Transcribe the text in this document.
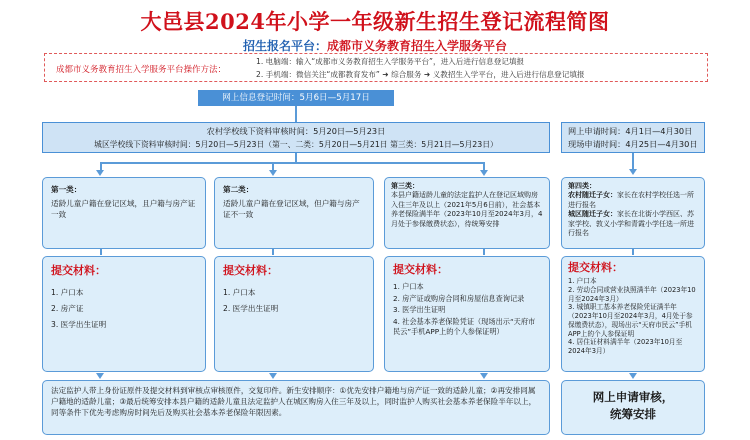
大邑县2024年小学一年级新生招生登记流程简图
招生报名平台：成都市义务教育招生入学服务平台
成都市义务教育招生入学服务平台操作方法：
1. 电脑端：输入“成都市义务教育招生入学服务平台”，进入后进行信息登记填报
2. 手机端：微信关注“成都教育发布” ➜ 综合服务 ➜ 义教招生入学平台，进入后进行信息登记填报
网上信息登记时间：5月6日—5月17日
农村学校线下资料审核时间：5月20日—5月23日
城区学校线下资料审核时间：5月20日—5月23日（第一、二类：5月20日—5月21日 第三类：5月21日—5月23日）
网上申请时间：4月1日—4月30日
现场申请时间：4月25日—4月30日
第一类：
适龄儿童户籍在登记区域，且户籍与房产证一致
提交材料：
1. 户口本
2. 房产证
3. 医学出生证明
第二类：
适龄儿童户籍在登记区域，但户籍与房产证不一致
提交材料：
1. 户口本
2. 医学出生证明
第三类：
本县户籍适龄儿童的法定监护人在登记区域购房入住三年及以上（2021年5月6日前），社会基本养老保险满半年（2023年10月至2024年3月，4月处于参保缴费状态），待统筹安排
提交材料：
1. 户口本
2. 房产证或购房合同和房屋信息查询记录
3. 医学出生证明
4. 社会基本养老保险凭证（现场出示“天府市民云”手机APP上的个人参保证明）
第四类：
农村随迁子女：家长在农村学校任选一所进行报名
城区随迁子女：家长在北街小学西区、苏家学校、敦义小学和青霞小学任选一所进行报名
提交材料：
1. 户口本
2. 劳动合同或营业执照满半年（2023年10月至2024年3月）
3. 城镇职工基本养老保险凭证满半年（2023年10月至2024年3月，4月处于参保缴费状态），现场出示“天府市民云”手机APP上的个人参保证明
4. 居住证材料满半年（2023年10月至2024年3月）
法定监护人带上身份证原件及提交材料到审核点审核原件，交复印件。新生安排顺序：①优先安排户籍地与房产证一致的适龄儿童；②再安排同属户籍地的适龄儿童；③最后统筹安排本县户籍的适龄儿童且法定监护人在城区购房入住三年及以上，同时监护人购买社会基本养老保险半年以上，同等条件下优先考虑购房时间先后及购买社会基本养老保险年限因素。
网上申请审核，
统筹安排
